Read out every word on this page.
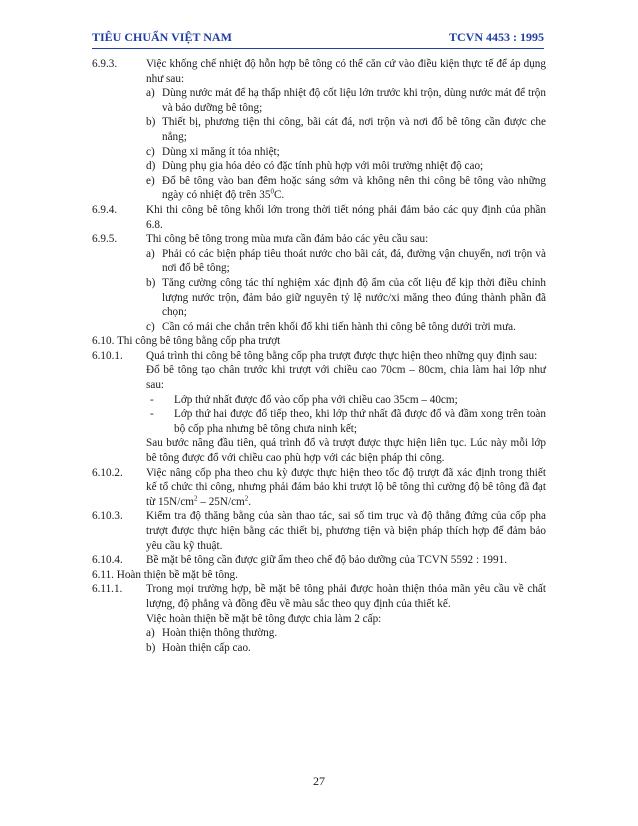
TIÊU CHUẨN VIỆT NAM	TCVN 4453 : 1995
6.9.3.	Việc khống chế nhiệt độ hỗn hợp bê tông có thể căn cứ vào điều kiện thực tế để áp dụng như sau:
a) Dùng nước mát để hạ thấp nhiệt độ cốt liệu lớn trước khi trộn, dùng nước mát để trộn và bảo dưỡng bê tông;
b) Thiết bị, phương tiện thi công, bãi cát đá, nơi trộn và nơi đổ bê tông cần được che nắng;
c) Dùng xi măng ít tỏa nhiệt;
d) Dùng phụ gia hóa dẻo có đặc tính phù hợp với môi trường nhiệt độ cao;
e) Đổ bê tông vào ban đêm hoặc sáng sớm và không nên thi công bê tông vào những ngày có nhiệt độ trên $35^0C$.
6.9.4.	Khi thi công bê tông khối lớn trong thời tiết nóng phải đảm bảo các quy định của phần 6.8.
6.9.5.	Thi công bê tông trong mùa mưa cần đảm bảo các yêu cầu sau:
a) Phải có các biện pháp tiêu thoát nước cho bãi cát, đá, đường vận chuyển, nơi trộn và nơi đổ bê tông;
b) Tăng cường công tác thí nghiệm xác định độ ẩm của cốt liệu để kịp thời điều chỉnh lượng nước trộn, đảm bảo giữ nguyên tỷ lệ nước/xi măng theo đúng thành phần đã chọn;
c) Cần có mái che chắn trên khối đổ khi tiến hành thi công bê tông dưới trời mưa.
6.10. Thi công bê tông bằng cốp pha trượt
6.10.1. Quá trình thi công bê tông bằng cốp pha trượt được thực hiện theo những quy định sau:
Đổ bê tông tạo chân trước khi trượt với chiều cao 70cm – 80cm, chia làm hai lớp như sau:
- Lớp thứ nhất được đổ vào cốp pha với chiều cao 35cm – 40cm;
- Lớp thứ hai được đổ tiếp theo, khi lớp thứ nhất đã được đổ và đầm xong trên toàn bộ cốp pha nhưng bê tông chưa ninh kết;
Sau bước nâng đầu tiên, quá trình đổ và trượt được thực hiện liên tục. Lúc này mỗi lớp bê tông được đổ với chiều cao phù hợp với các biện pháp thi công.
6.10.2. Việc nâng cốp pha theo chu kỳ được thực hiện theo tốc độ trượt đã xác định trong thiết kế tổ chức thi công, nhưng phải đảm bảo khi trượt lộ bê tông thì cường độ bê tông đã đạt từ $15N/cm^2 - 25N/cm^2$.
6.10.3. Kiểm tra độ thăng bằng của sàn thao tác, sai số tim trục và độ thẳng đứng của cốp pha trượt được thực hiện bằng các thiết bị, phương tiện và biện pháp thích hợp để đảm bảo yêu cầu kỹ thuật.
6.10.4. Bề mặt bê tông cần được giữ ẩm theo chế độ bảo dưỡng của TCVN 5592 : 1991.
6.11. Hoàn thiện bề mặt bê tông.
6.11.1. Trong mọi trường hợp, bề mặt bê tông phải được hoàn thiện thỏa mãn yêu cầu về chất lượng, độ phẳng và đồng đều về màu sắc theo quy định của thiết kế.
Việc hoàn thiện bề mặt bê tông được chia làm 2 cấp:
a) Hoàn thiện thông thường.
b) Hoàn thiện cấp cao.
27
